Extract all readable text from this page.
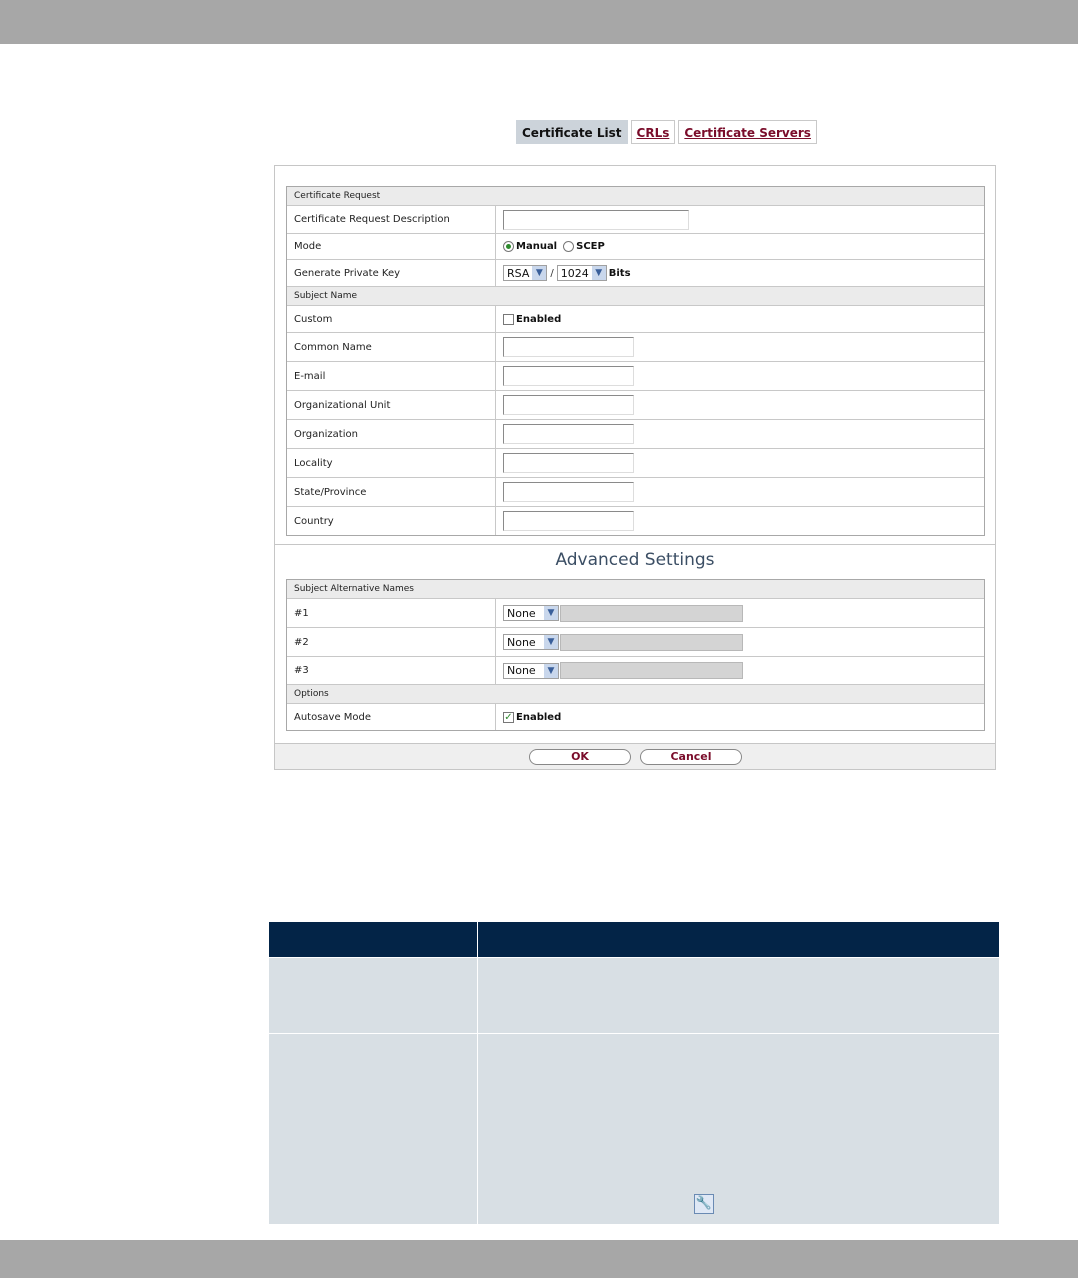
Certificate List	CRLs	Certificate Servers
Certificate Request
Certificate Request Description
Mode	Manual SCEP
Generate Private Key	RSA ▼ / 1024 ▼ Bits
Subject Name
Custom	Enabled
Common Name
E-mail
Organizational Unit
Organization
Locality
State/Province
Country
Advanced Settings
Subject Alternative Names
#1	None	▼
#2	None	▼
#3	None	▼
Options
Autosave Mode	✓ Enabled
OK	Cancel
🔧
